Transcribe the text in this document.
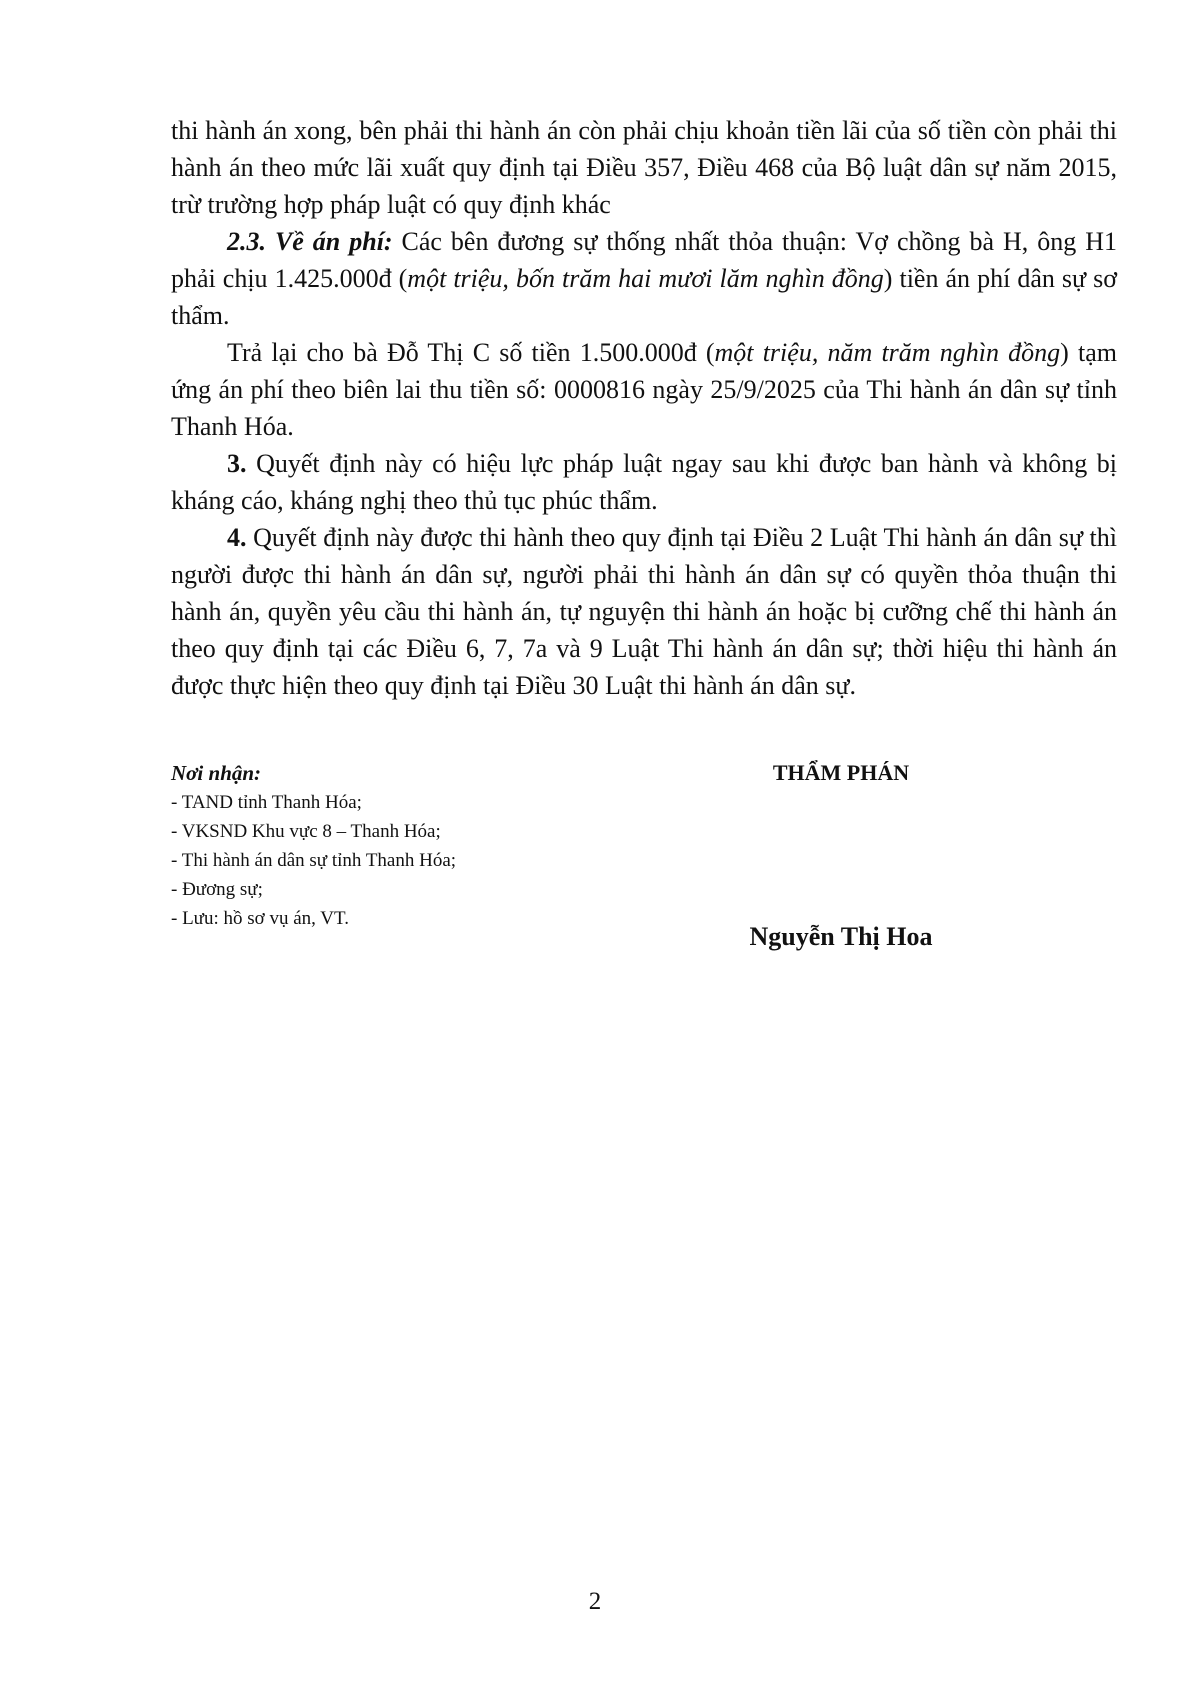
thi hành án xong, bên phải thi hành án còn phải chịu khoản tiền lãi của số tiền còn phải thi hành án theo mức lãi xuất quy định tại Điều 357, Điều 468 của Bộ luật dân sự năm 2015, trừ trường hợp pháp luật có quy định khác

2.3. Về án phí: Các bên đương sự thống nhất thỏa thuận: Vợ chồng bà H, ông H1 phải chịu 1.425.000đ (một triệu, bốn trăm hai mươi lăm nghìn đồng) tiền án phí dân sự sơ thẩm.

Trả lại cho bà Đỗ Thị C số tiền 1.500.000đ (một triệu, năm trăm nghìn đồng) tạm ứng án phí theo biên lai thu tiền số: 0000816 ngày 25/9/2025 của Thi hành án dân sự tỉnh Thanh Hóa.

3. Quyết định này có hiệu lực pháp luật ngay sau khi được ban hành và không bị kháng cáo, kháng nghị theo thủ tục phúc thẩm.

4. Quyết định này được thi hành theo quy định tại Điều 2 Luật Thi hành án dân sự thì người được thi hành án dân sự, người phải thi hành án dân sự có quyền thỏa thuận thi hành án, quyền yêu cầu thi hành án, tự nguyện thi hành án hoặc bị cưỡng chế thi hành án theo quy định tại các Điều 6, 7, 7a và 9 Luật Thi hành án dân sự; thời hiệu thi hành án được thực hiện theo quy định tại Điều 30 Luật thi hành án dân sự.

Nơi nhận:
- TAND tỉnh Thanh Hóa;
- VKSND Khu vực 8 – Thanh Hóa;
- Thi hành án dân sự tỉnh Thanh Hóa;
- Đương sự;
- Lưu: hồ sơ vụ án, VT.
THẨM PHÁN
Nguyễn Thị Hoa
2
